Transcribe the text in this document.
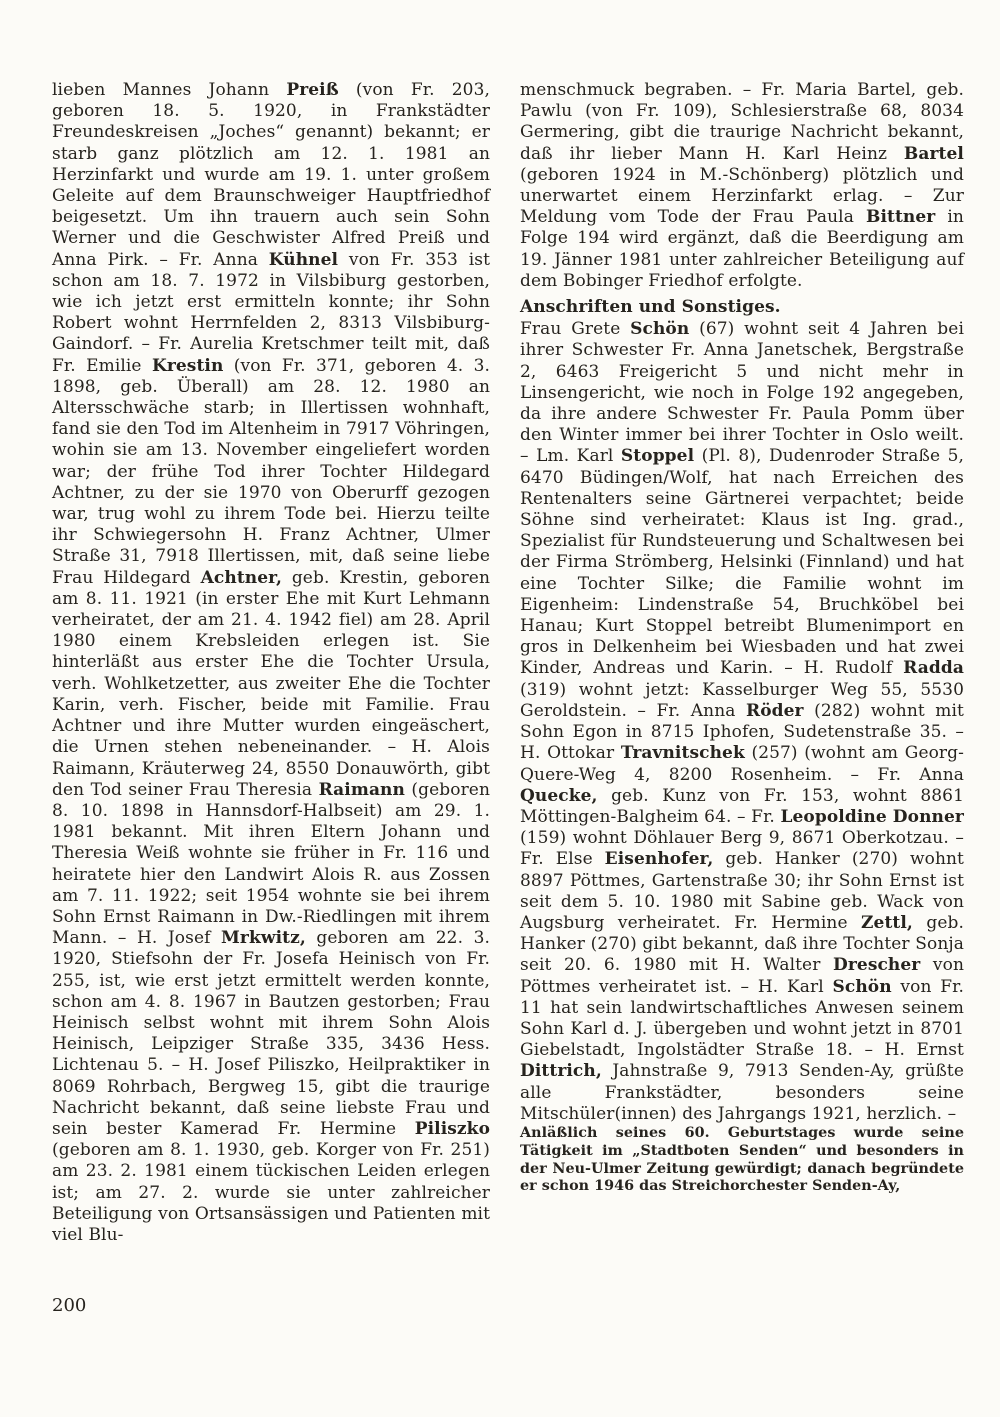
lieben Mannes Johann Preiß (von Fr. 203, geboren 18. 5. 1920, in Frankstädter Freundeskreisen „Joches“ genannt) bekannt; er starb ganz plötzlich am 12. 1. 1981 an Herzinfarkt und wurde am 19. 1. unter großem Geleite auf dem Braunschweiger Hauptfriedhof beigesetzt. Um ihn trauern auch sein Sohn Werner und die Geschwister Alfred Preiß und Anna Pirk. – Fr. Anna Kühnel von Fr. 353 ist schon am 18. 7. 1972 in Vilsbiburg gestorben, wie ich jetzt erst ermitteln konnte; ihr Sohn Robert wohnt Herrnfelden 2, 8313 Vilsbiburg-Gaindorf. – Fr. Aurelia Kretschmer teilt mit, daß Fr. Emilie Krestin (von Fr. 371, geboren 4. 3. 1898, geb. Überall) am 28. 12. 1980 an Altersschwäche starb; in Illertissen wohnhaft, fand sie den Tod im Altenheim in 7917 Vöhringen, wohin sie am 13. November eingeliefert worden war; der frühe Tod ihrer Tochter Hildegard Achtner, zu der sie 1970 von Oberurff gezogen war, trug wohl zu ihrem Tode bei. Hierzu teilte ihr Schwiegersohn H. Franz Achtner, Ulmer Straße 31, 7918 Illertissen, mit, daß seine liebe Frau Hildegard Achtner, geb. Krestin, geboren am 8. 11. 1921 (in erster Ehe mit Kurt Lehmann verheiratet, der am 21. 4. 1942 fiel) am 28. April 1980 einem Krebsleiden erlegen ist. Sie hinterläßt aus erster Ehe die Tochter Ursula, verh. Wohlketzetter, aus zweiter Ehe die Tochter Karin, verh. Fischer, beide mit Familie. Frau Achtner und ihre Mutter wurden eingeäschert, die Urnen stehen nebeneinander. – H. Alois Raimann, Kräuterweg 24, 8550 Donauwörth, gibt den Tod seiner Frau Theresia Raimann (geboren 8. 10. 1898 in Hannsdorf-Halbseit) am 29. 1. 1981 bekannt. Mit ihren Eltern Johann und Theresia Weiß wohnte sie früher in Fr. 116 und heiratete hier den Landwirt Alois R. aus Zossen am 7. 11. 1922; seit 1954 wohnte sie bei ihrem Sohn Ernst Raimann in Dw.-Riedlingen mit ihrem Mann. – H. Josef Mrkwitz, geboren am 22. 3. 1920, Stiefsohn der Fr. Josefa Heinisch von Fr. 255, ist, wie erst jetzt ermittelt werden konnte, schon am 4. 8. 1967 in Bautzen gestorben; Frau Heinisch selbst wohnt mit ihrem Sohn Alois Heinisch, Leipziger Straße 335, 3436 Hess. Lichtenau 5. – H. Josef Piliszko, Heilpraktiker in 8069 Rohrbach, Bergweg 15, gibt die traurige Nachricht bekannt, daß seine liebste Frau und sein bester Kamerad Fr. Hermine Piliszko (geboren am 8. 1. 1930, geb. Korger von Fr. 251) am 23. 2. 1981 einem tückischen Leiden erlegen ist; am 27. 2. wurde sie unter zahlreicher Beteiligung von Ortsansässigen und Patienten mit viel Blu-

menschmuck begraben. – Fr. Maria Bartel, geb. Pawlu (von Fr. 109), Schlesierstraße 68, 8034 Germering, gibt die traurige Nachricht bekannt, daß ihr lieber Mann H. Karl Heinz Bartel (geboren 1924 in M.-Schönberg) plötzlich und unerwartet einem Herzinfarkt erlag. – Zur Meldung vom Tode der Frau Paula Bittner in Folge 194 wird ergänzt, daß die Beerdigung am 19. Jänner 1981 unter zahlreicher Beteiligung auf dem Bobinger Friedhof erfolgte.

Anschriften und Sonstiges.

Frau Grete Schön (67) wohnt seit 4 Jahren bei ihrer Schwester Fr. Anna Janetschek, Bergstraße 2, 6463 Freigericht 5 und nicht mehr in Linsengericht, wie noch in Folge 192 angegeben, da ihre andere Schwester Fr. Paula Pomm über den Winter immer bei ihrer Tochter in Oslo weilt. – Lm. Karl Stoppel (Pl. 8), Dudenroder Straße 5, 6470 Büdingen/Wolf, hat nach Erreichen des Rentenalters seine Gärtnerei verpachtet; beide Söhne sind verheiratet: Klaus ist Ing. grad., Spezialist für Rundsteuerung und Schaltwesen bei der Firma Strömberg, Helsinki (Finnland) und hat eine Tochter Silke; die Familie wohnt im Eigenheim: Lindenstraße 54, Bruchköbel bei Hanau; Kurt Stoppel betreibt Blumenimport en gros in Delkenheim bei Wiesbaden und hat zwei Kinder, Andreas und Karin. – H. Rudolf Radda (319) wohnt jetzt: Kasselburger Weg 55, 5530 Geroldstein. – Fr. Anna Röder (282) wohnt mit Sohn Egon in 8715 Iphofen, Sudetenstraße 35. – H. Ottokar Travnitschek (257) (wohnt am Georg-Quere-Weg 4, 8200 Rosenheim. – Fr. Anna Quecke, geb. Kunz von Fr. 153, wohnt 8861 Möttingen-Balgheim 64. – Fr. Leopoldine Donner (159) wohnt Döhlauer Berg 9, 8671 Oberkotzau. – Fr. Else Eisenhofer, geb. Hanker (270) wohnt 8897 Pöttmes, Gartenstraße 30; ihr Sohn Ernst ist seit dem 5. 10. 1980 mit Sabine geb. Wack von Augsburg verheiratet. Fr. Hermine Zettl, geb. Hanker (270) gibt bekannt, daß ihre Tochter Sonja seit 20. 6. 1980 mit H. Walter Drescher von Pöttmes verheiratet ist. – H. Karl Schön von Fr. 11 hat sein landwirtschaftliches Anwesen seinem Sohn Karl d. J. übergeben und wohnt jetzt in 8701 Giebelstadt, Ingolstädter Straße 18. – H. Ernst Dittrich, Jahnstraße 9, 7913 Senden-Ay, grüßte alle Frankstädter, besonders seine Mitschüler(innen) des Jahrgangs 1921, herzlich. –

Anläßlich seines 60. Geburtstages wurde seine Tätigkeit im „Stadtboten Senden“ und besonders in der Neu-Ulmer Zeitung gewürdigt; danach begründete er schon 1946 das Streichorchester Senden-Ay,

200
